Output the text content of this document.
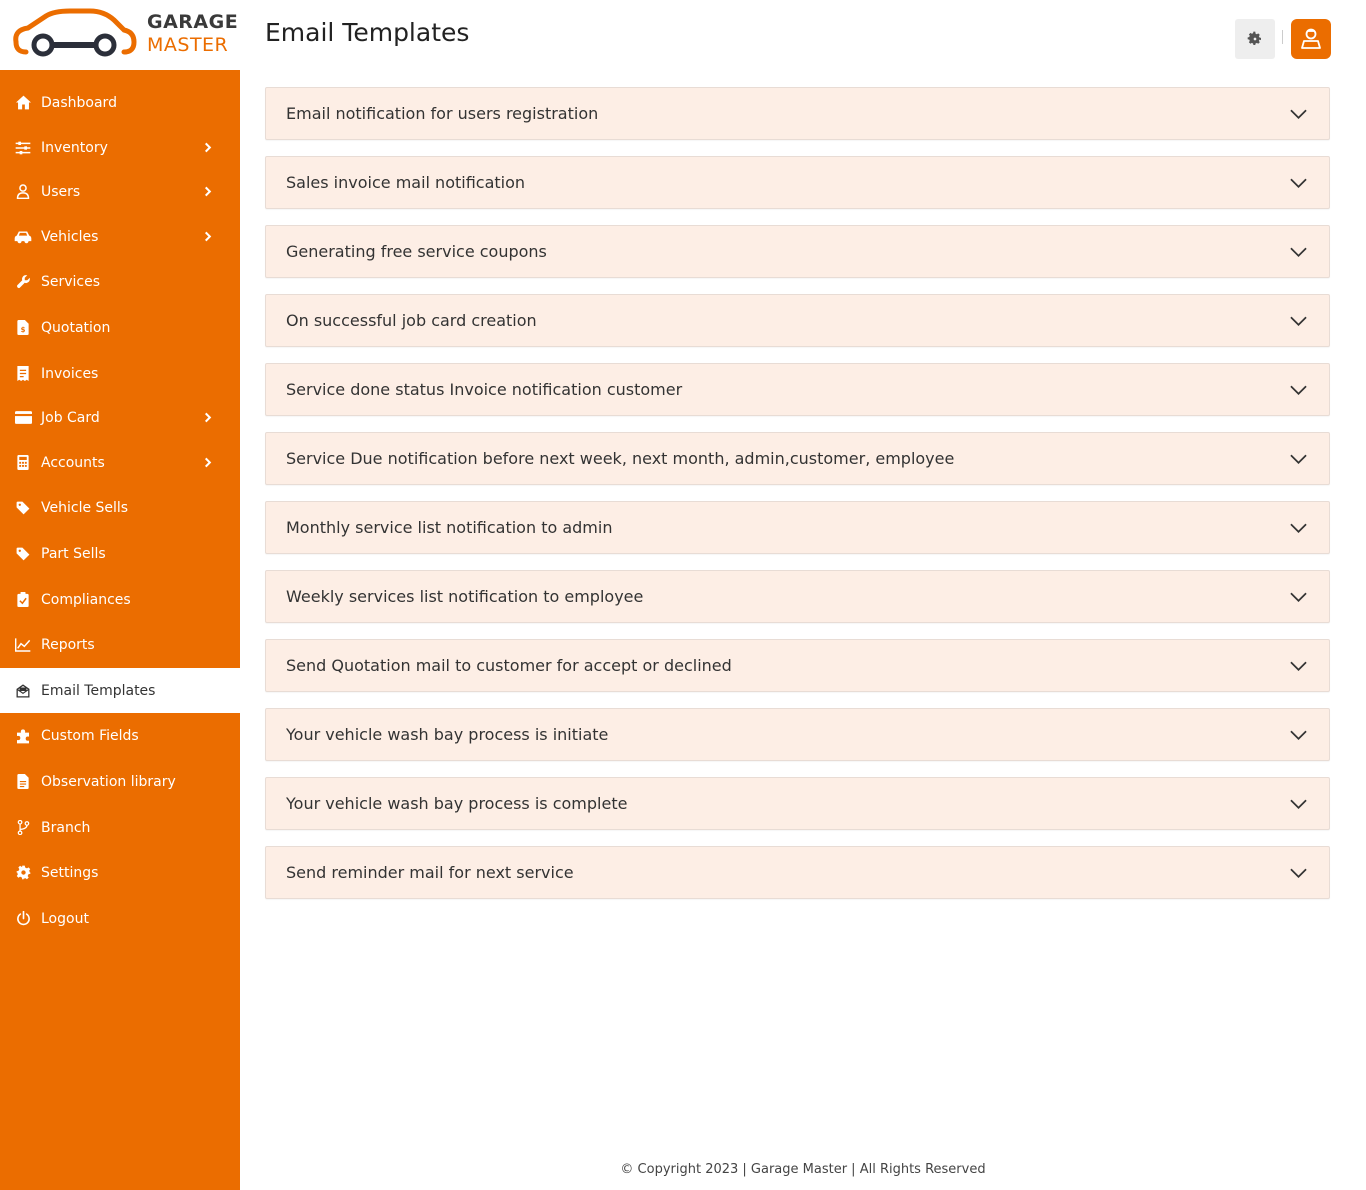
GARAGE
MASTER
Dashboard
Inventory
Users
Vehicles
Services
$ Quotation
Invoices
Job Card
Accounts
Vehicle Sells
Part Sells
Compliances
Reports
Email Templates
Custom Fields
Observation library
Branch
Settings
Logout
Email Templates
Email notification for users registration
Sales invoice mail notification
Generating free service coupons
On successful job card creation
Service done status Invoice notification customer
Service Due notification before next week, next month, admin,customer, employee
Monthly service list notification to admin
Weekly services list notification to employee
Send Quotation mail to customer for accept or declined
Your vehicle wash bay process is initiate
Your vehicle wash bay process is complete
Send reminder mail for next service
© Copyright 2023 | Garage Master | All Rights Reserved
